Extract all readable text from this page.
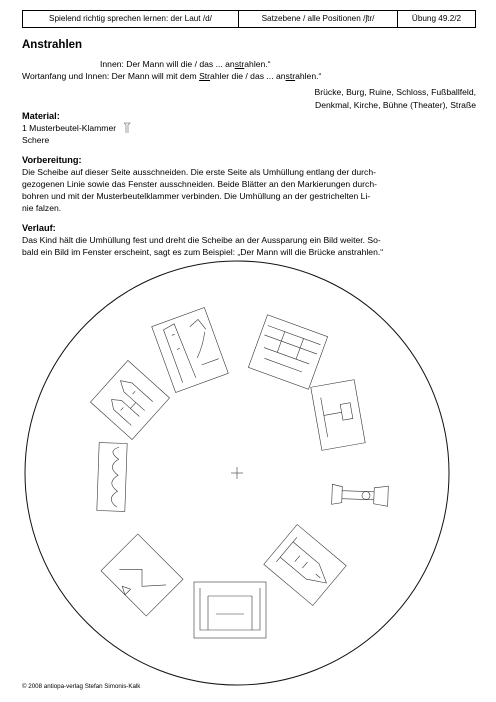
Spielend richtig sprechen lernen: der Laut /d/	Satzebene / alle Positionen /ʃtr/	Übung 49.2/2
Anstrahlen
Innen: Der Mann will die / das ... anstrahlen.“
Wortanfang und Innen: Der Mann will mit dem Strahler die / das ... anstrahlen.“
Brücke, Burg, Ruine, Schloss, Fußballfeld,
Denkmal, Kirche, Bühne (Theater), Straße
Material:
1 Musterbeutel-Klammer
Schere
Vorbereitung:
Die Scheibe auf dieser Seite ausschneiden. Die erste Seite als Umhüllung entlang der durch-
gezogenen Linie sowie das Fenster ausschneiden. Beide Blätter an den Markierungen durch-
bohren und mit der Musterbeutelklammer verbinden. Die Umhüllung an der gestrichelten Li-
nie falzen.
Verlauf:
Das Kind hält die Umhüllung fest und dreht die Scheibe an der Aussparung ein Bild weiter. So-
bald ein Bild im Fenster erscheint, sagt es zum Beispiel: „Der Mann will die Brücke anstrahlen.“
© 2008 antiopa-verlag Stefan Simonis-Kalk
